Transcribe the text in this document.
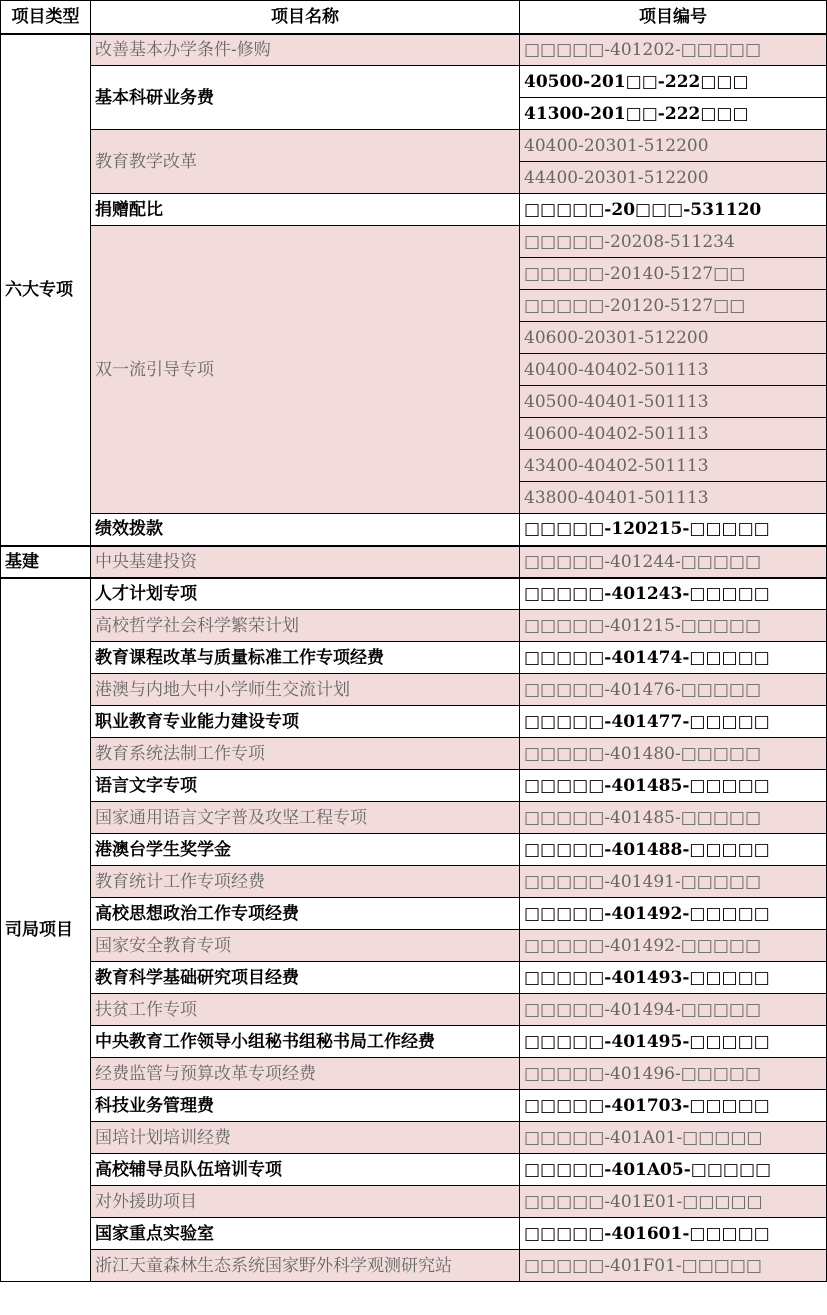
项目类型	项目名称	项目编号
六大专项	改善基本办学条件-修购	□□□□□-401202-□□□□□
	基本科研业务费	40500-201□□-222□□□
		41300-201□□-222□□□
	教育教学改革	40400-20301-512200
		44400-20301-512200
	捐赠配比	□□□□□-20□□□-531120
	双一流引导专项	□□□□□-20208-511234
		□□□□□-20140-5127□□
		□□□□□-20120-5127□□
		40600-20301-512200
		40400-40402-501113
		40500-40401-501113
		40600-40402-501113
		43400-40402-501113
		43800-40401-501113
	绩效拨款	□□□□□-120215-□□□□□
基建	中央基建投资	□□□□□-401244-□□□□□
司局项目	人才计划专项	□□□□□-401243-□□□□□
	高校哲学社会科学繁荣计划	□□□□□-401215-□□□□□
	教育课程改革与质量标准工作专项经费	□□□□□-401474-□□□□□
	港澳与内地大中小学师生交流计划	□□□□□-401476-□□□□□
	职业教育专业能力建设专项	□□□□□-401477-□□□□□
	教育系统法制工作专项	□□□□□-401480-□□□□□
	语言文字专项	□□□□□-401485-□□□□□
	国家通用语言文字普及攻坚工程专项	□□□□□-401485-□□□□□
	港澳台学生奖学金	□□□□□-401488-□□□□□
	教育统计工作专项经费	□□□□□-401491-□□□□□
	高校思想政治工作专项经费	□□□□□-401492-□□□□□
	国家安全教育专项	□□□□□-401492-□□□□□
	教育科学基础研究项目经费	□□□□□-401493-□□□□□
	扶贫工作专项	□□□□□-401494-□□□□□
	中央教育工作领导小组秘书组秘书局工作经费	□□□□□-401495-□□□□□
	经费监管与预算改革专项经费	□□□□□-401496-□□□□□
	科技业务管理费	□□□□□-401703-□□□□□
	国培计划培训经费	□□□□□-401A01-□□□□□
	高校辅导员队伍培训专项	□□□□□-401A05-□□□□□
	对外援助项目	□□□□□-401E01-□□□□□
	国家重点实验室	□□□□□-401601-□□□□□
	浙江天童森林生态系统国家野外科学观测研究站	□□□□□-401F01-□□□□□
